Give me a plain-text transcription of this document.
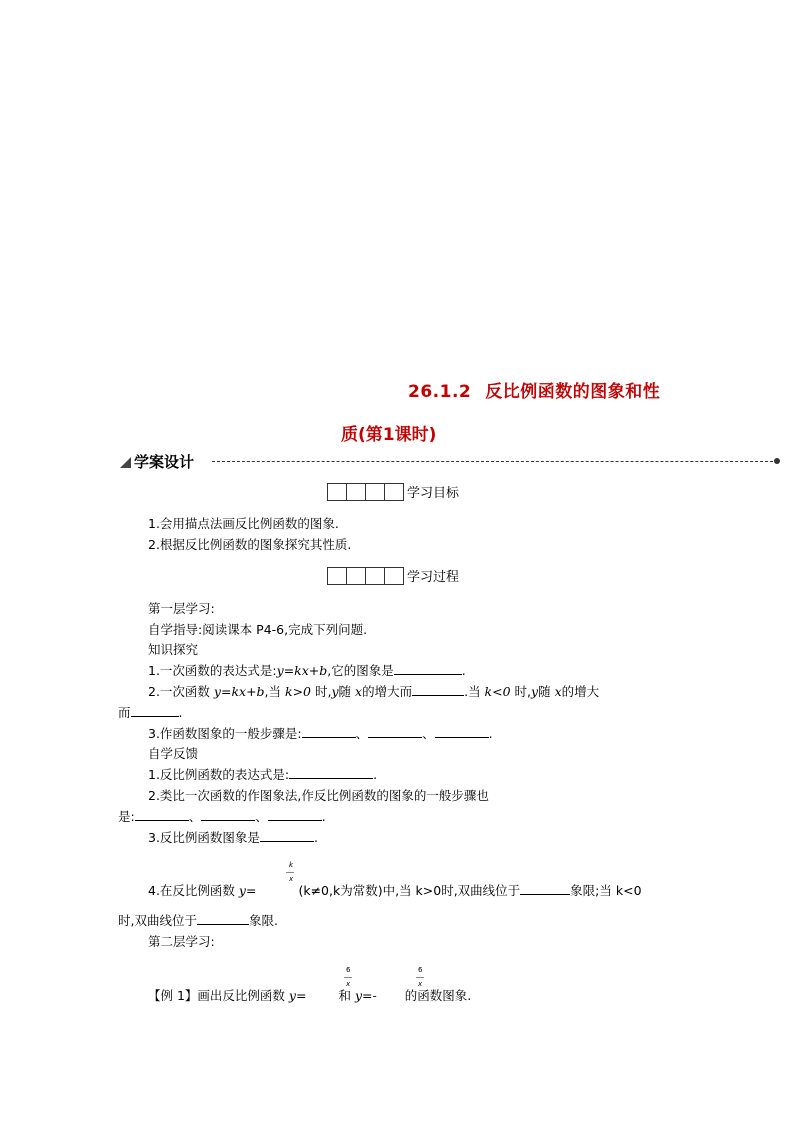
26.1.2 反比例函数的图象和性
质(第1课时)
学案设计
学习目标
1.会用描点法画反比例函数的图象.
2.根据反比例函数的图象探究其性质.
学习过程
第一层学习:
自学指导:阅读课本 P4-6,完成下列问题.
知识探究
1.一次函数的表达式是:y=kx+b,它的图象是	.
2.一次函数 y=kx+b,当 k>0 时,y随 x的增大而	.当 k<0 时,y随 x的增大
而	.
3.作函数图象的一般步骤是:	、	、	.
自学反馈
1.反比例函数的表达式是:	.
2.类比一次函数的作图象法,作反比例函数的图象的一般步骤也
是:	、	、	.
3.反比例函数图象是	.
k
x
4.在反比例函数 y=	(k≠0,k为常数)中,当 k>0时,双曲线位于	象限;当 k<0
时,双曲线位于	象限.
第二层学习:
6
x
6
x
【例 1】画出反比例函数 y=	和 y=- 的函数图象.
